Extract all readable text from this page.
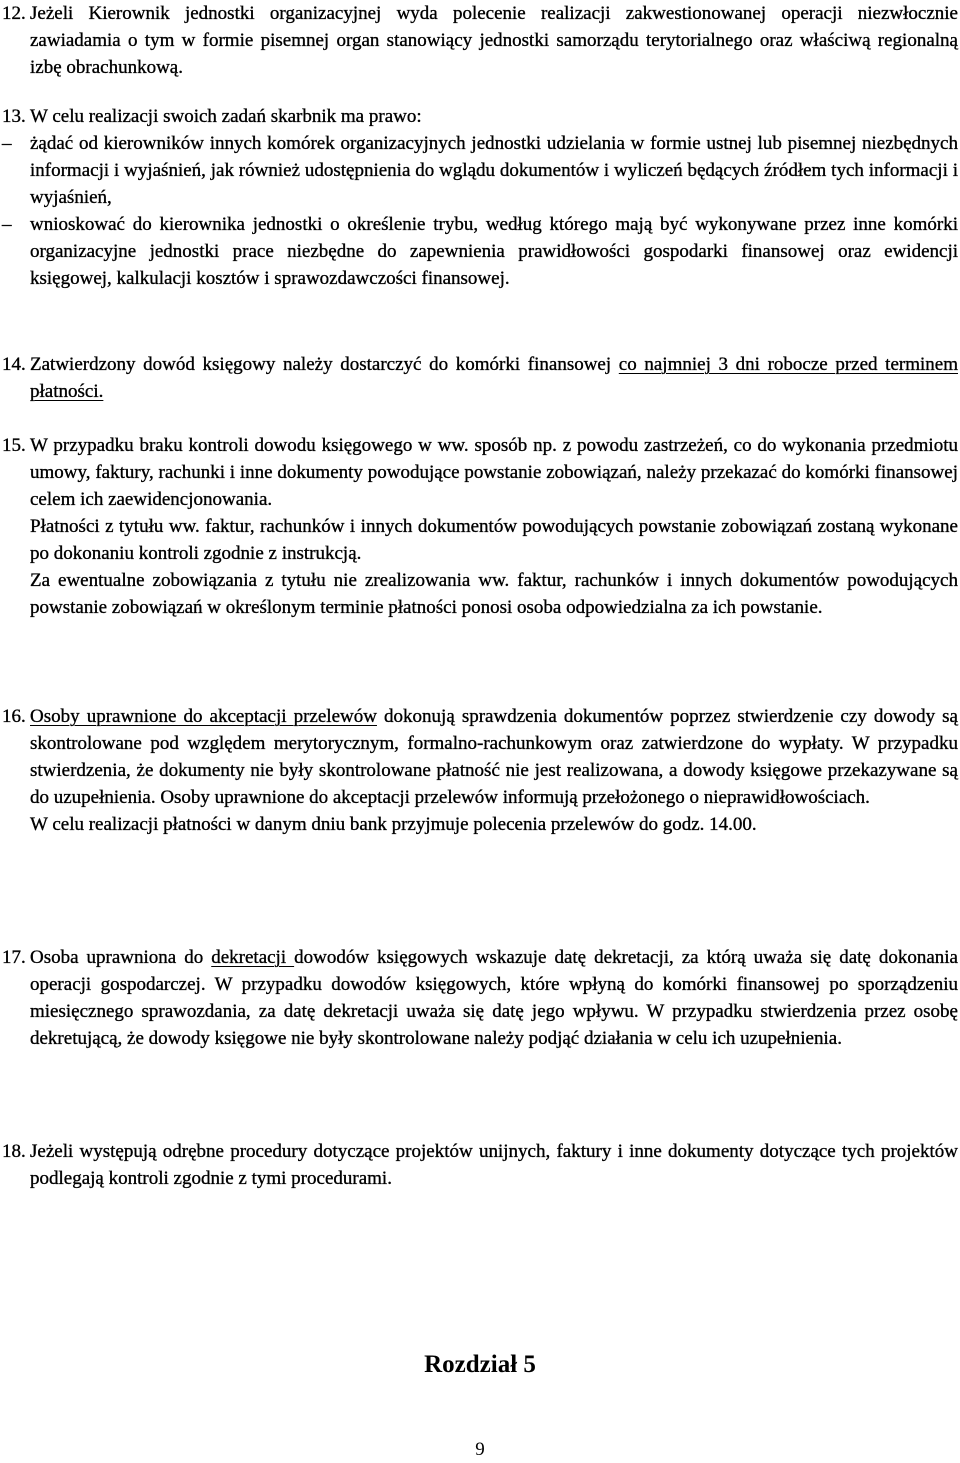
12. Jeżeli Kierownik jednostki organizacyjnej wyda polecenie realizacji zakwestionowanej operacji niezwłocznie zawiadamia o tym w formie pisemnej organ stanowiący jednostki samorządu terytorialnego oraz właściwą regionalną izbę obrachunkową.
13. W celu realizacji swoich zadań skarbnik ma prawo:
– żądać od kierowników innych komórek organizacyjnych jednostki udzielania w formie ustnej lub pisemnej niezbędnych informacji i wyjaśnień, jak również udostępnienia do wglądu dokumentów i wyliczeń będących źródłem tych informacji i wyjaśnień,
– wnioskować do kierownika jednostki o określenie trybu, według którego mają być wykonywane przez inne komórki organizacyjne jednostki prace niezbędne do zapewnienia prawidłowości gospodarki finansowej oraz ewidencji księgowej, kalkulacji kosztów i sprawozdawczości finansowej.
14. Zatwierdzony dowód księgowy należy dostarczyć do komórki finansowej co najmniej 3 dni robocze przed terminem płatności.
15. W przypadku braku kontroli dowodu księgowego w ww. sposób np. z powodu zastrzeżeń, co do wykonania przedmiotu umowy, faktury, rachunki i inne dokumenty powodujące powstanie zobowiązań, należy przekazać do komórki finansowej celem ich zaewidencjonowania.
Płatności z tytułu ww. faktur, rachunków i innych dokumentów powodujących powstanie zobowiązań zostaną wykonane po dokonaniu kontroli zgodnie z instrukcją.
Za ewentualne zobowiązania z tytułu nie zrealizowania ww. faktur, rachunków i innych dokumentów powodujących powstanie zobowiązań w określonym terminie płatności ponosi osoba odpowiedzialna za ich powstanie.
16. Osoby uprawnione do akceptacji przelewów dokonują sprawdzenia dokumentów poprzez stwierdzenie czy dowody są skontrolowane pod względem merytorycznym, formalno-rachunkowym oraz zatwierdzone do wypłaty. W przypadku stwierdzenia, że dokumenty nie były skontrolowane płatność nie jest realizowana, a dowody księgowe przekazywane są do uzupełnienia. Osoby uprawnione do akceptacji przelewów informują przełożonego o nieprawidłowościach.
W celu realizacji płatności w danym dniu bank przyjmuje polecenia przelewów do godz. 14.00.
17. Osoba uprawniona do dekretacji dowodów księgowych wskazuje datę dekretacji, za którą uważa się datę dokonania operacji gospodarczej. W przypadku dowodów księgowych, które wpłyną do komórki finansowej po sporządzeniu miesięcznego sprawozdania, za datę dekretacji uważa się datę jego wpływu. W przypadku stwierdzenia przez osobę dekretującą, że dowody księgowe nie były skontrolowane należy podjąć działania w celu ich uzupełnienia.
18. Jeżeli występują odrębne procedury dotyczące projektów unijnych, faktury i inne dokumenty dotyczące tych projektów podlegają kontroli zgodnie z tymi procedurami.
Rozdział 5
9
